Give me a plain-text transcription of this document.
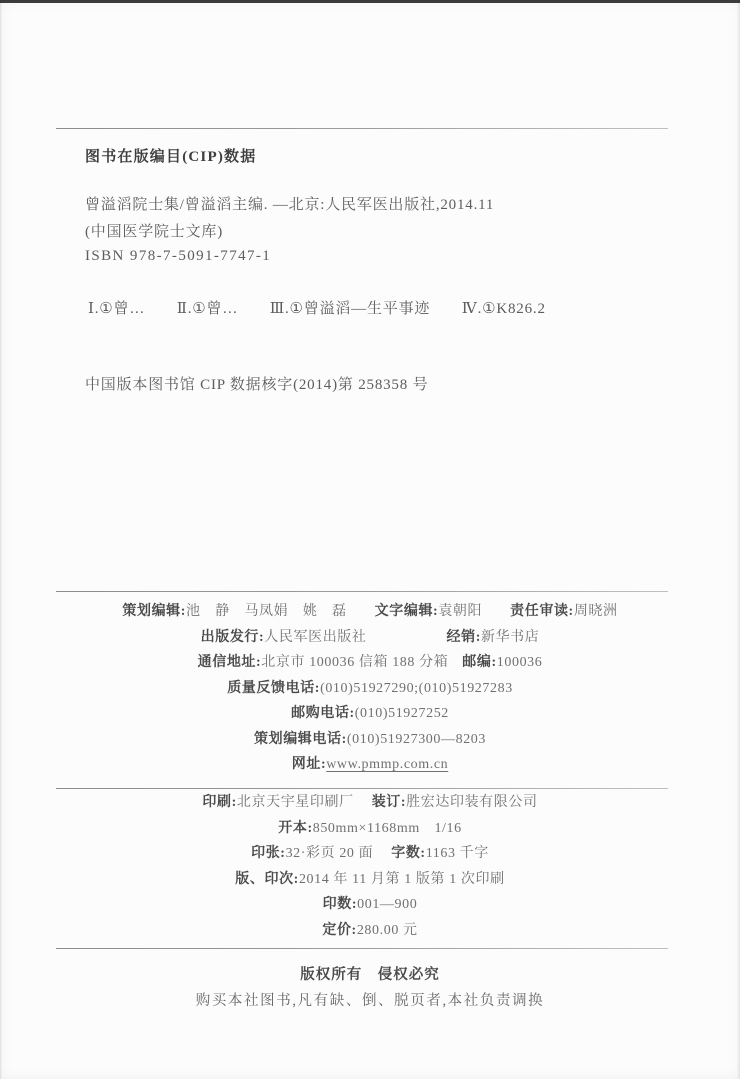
图书在版编目(CIP)数据
曾溢滔院士集/曾溢滔主编. —北京:人民军医出版社,2014.11
(中国医学院士文库)
ISBN 978-7-5091-7747-1
Ⅰ.①曾…　　Ⅱ.①曾…　　Ⅲ.①曾溢滔—生平事迹　　Ⅳ.①K826.2
中国版本图书馆 CIP 数据核字(2014)第 258358 号
策划编辑:池　静　马凤娟　姚　磊 文字编辑:袁朝阳 责任审读:周晓洲
出版发行:人民军医出版社	经销:新华书店
通信地址:北京市 100036 信箱 188 分箱 邮编:100036
质量反馈电话:(010)51927290;(010)51927283
邮购电话:(010)51927252
策划编辑电话:(010)51927300—8203
网址:www.pmmp.com.cn
印刷:北京天宇星印刷厂 装订:胜宏达印装有限公司
开本:850mm×1168mm　1/16
印张:32·彩页 20 面 字数:1163 千字
版、印次:2014 年 11 月第 1 版第 1 次印刷
印数:001—900
定价:280.00 元
版权所有　侵权必究
购买本社图书,凡有缺、倒、脱页者,本社负责调换
